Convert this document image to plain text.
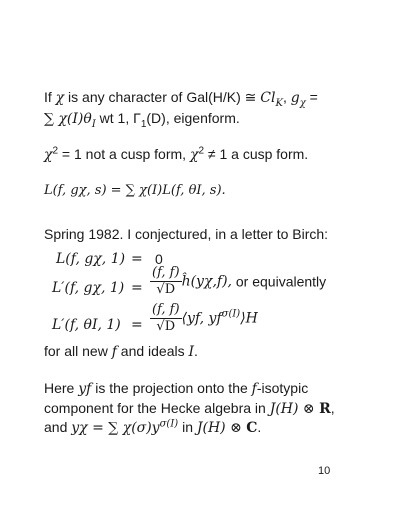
If χ is any character of Gal(H/K) ≅ $Cl_K$, $g_\chi$ =
∑ $\chi(I)\theta_I$ wt 1, $\Gamma_1(D)$, eigenform.
$\chi^2 = 1$ not a cusp form, $\chi^2 \ne 1$ a cusp form.
L(f, gχ, s) = ∑ χ(I)L(f, θI, s).
Spring 1982. I conjectured, in a letter to Birch:
L(f, gχ, 1) = 0
L′(f, gχ, $1) = \frac{(f, f)}{√D}$ ĥ(yχ,f), or equivalently
L′(f, θI, $1) = \frac{(f, f)}{√D}$ ⟨yf, $yf^{\sigma(I)}⟩H$
for all new f and ideals I.
Here yf is the projection onto the f-isotypic
component for the Hecke algebra in J(H) ⊗ R,
and yχ = ∑ $\chi(\sigma)y^{\sigma(I)}$ in J(H) ⊗ C.
10
